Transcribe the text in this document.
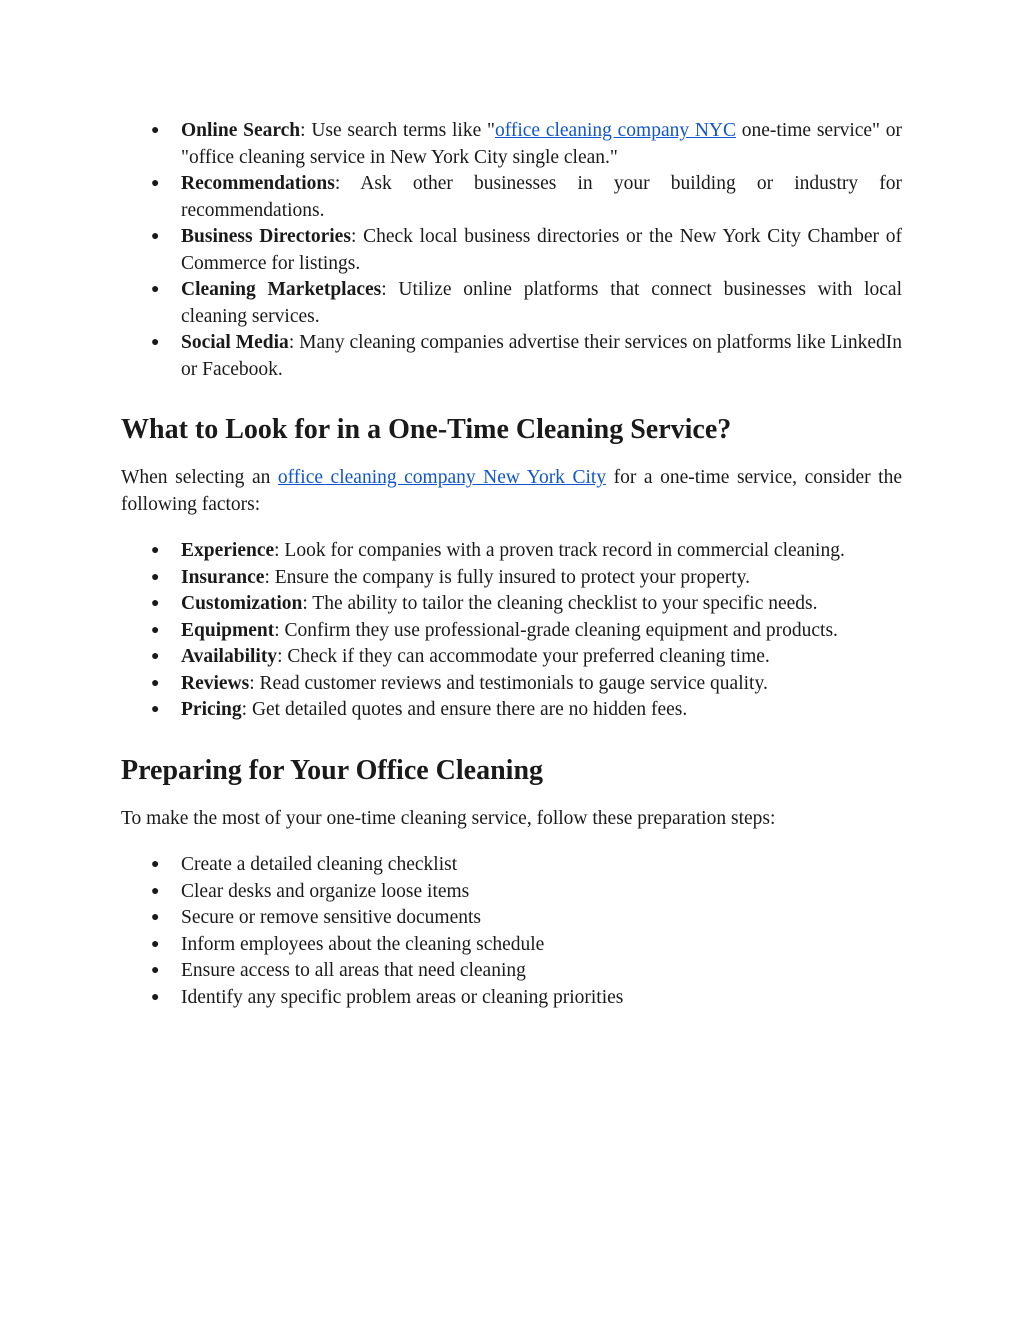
● Online Search: Use search terms like "office cleaning company NYC one-time service" or "office cleaning service in New York City single clean."
● Recommendations: Ask other businesses in your building or industry for recommendations.
● Business Directories: Check local business directories or the New York City Chamber of Commerce for listings.
● Cleaning Marketplaces: Utilize online platforms that connect businesses with local cleaning services.
● Social Media: Many cleaning companies advertise their services on platforms like LinkedIn or Facebook.
What to Look for in a One-Time Cleaning Service?

When selecting an office cleaning company New York City for a one-time service, consider the following factors:

● Experience: Look for companies with a proven track record in commercial cleaning.
● Insurance: Ensure the company is fully insured to protect your property.
● Customization: The ability to tailor the cleaning checklist to your specific needs.
● Equipment: Confirm they use professional-grade cleaning equipment and products.
● Availability: Check if they can accommodate your preferred cleaning time.
● Reviews: Read customer reviews and testimonials to gauge service quality.
● Pricing: Get detailed quotes and ensure there are no hidden fees.
Preparing for Your Office Cleaning

To make the most of your one-time cleaning service, follow these preparation steps:

● Create a detailed cleaning checklist
● Clear desks and organize loose items
● Secure or remove sensitive documents
● Inform employees about the cleaning schedule
● Ensure access to all areas that need cleaning
● Identify any specific problem areas or cleaning priorities
